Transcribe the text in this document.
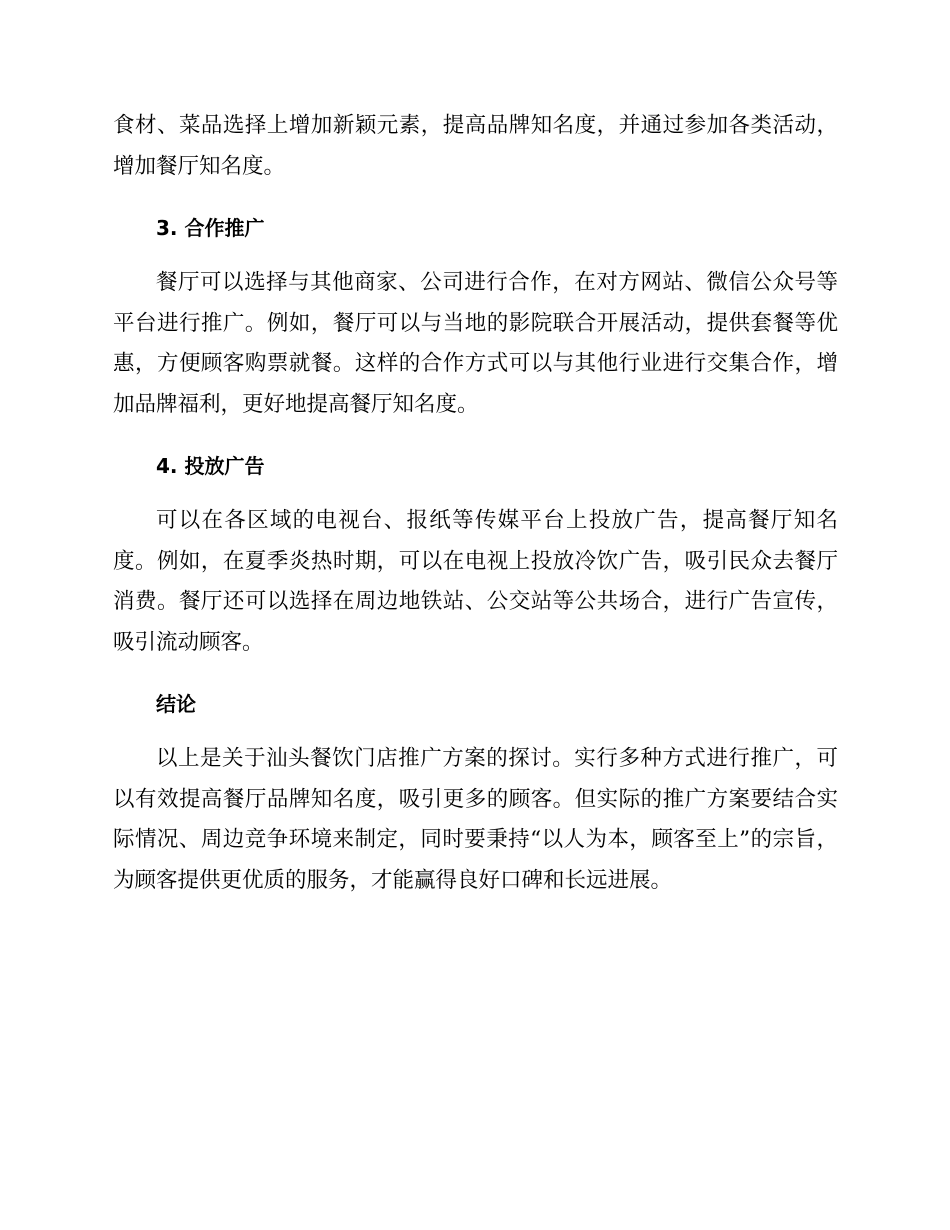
食材、菜品选择上增加新颖元素，提高品牌知名度，并通过参加各类活动，增加餐厅知名度。

3. 合作推广

餐厅可以选择与其他商家、公司进行合作，在对方网站、微信公众号等平台进行推广。例如，餐厅可以与当地的影院联合开展活动，提供套餐等优惠，方便顾客购票就餐。这样的合作方式可以与其他行业进行交集合作，增加品牌福利，更好地提高餐厅知名度。

4. 投放广告

可以在各区域的电视台、报纸等传媒平台上投放广告，提高餐厅知名度。例如，在夏季炎热时期，可以在电视上投放冷饮广告，吸引民众去餐厅消费。餐厅还可以选择在周边地铁站、公交站等公共场合，进行广告宣传，吸引流动顾客。

结论

以上是关于汕头餐饮门店推广方案的探讨。实行多种方式进行推广，可以有效提高餐厅品牌知名度，吸引更多的顾客。但实际的推广方案要结合实际情况、周边竞争环境来制定，同时要秉持“以人为本，顾客至上”的宗旨，为顾客提供更优质的服务，才能赢得良好口碑和长远进展。
